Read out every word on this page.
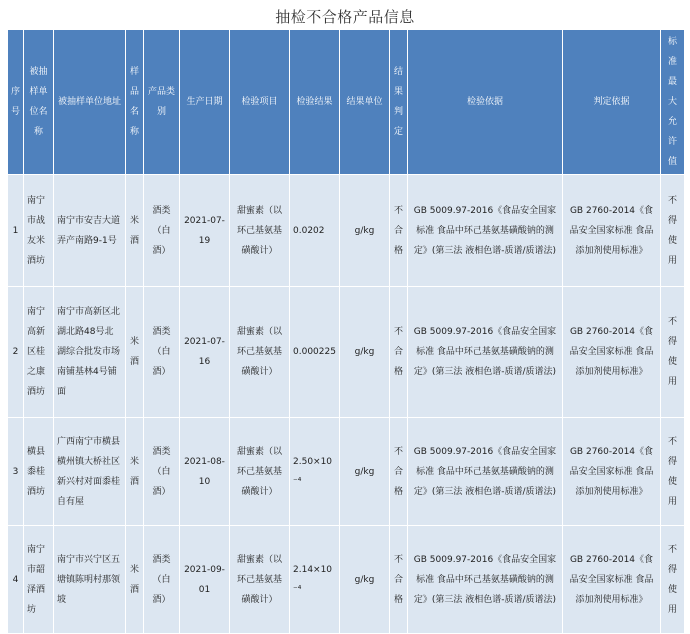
抽检不合格产品信息
序号	被抽样单位名称	被抽样单位地址	样品名称	产品类别	生产日期	检验项目	检验结果	结果单位	结果判定	检验依据	判定依据	标准最大允许值
1	南宁市战友米酒坊	南宁市安吉大道弄产南路9-1号	米酒	酒类（白酒）	2021-07-19	甜蜜素（以环己基氨基磺酸计）	0.0202	g/kg	不合格	GB 5009.97-2016《食品安全国家标准 食品中环己基氨基磺酸钠的测定》(第三法 液相色谱-质谱/质谱法)	GB 2760-2014《食品安全国家标准 食品添加剂使用标准》	不得使用
2	南宁高新区桂之康酒坊	南宁市高新区北湖北路48号北湖综合批发市场南铺基林4号铺面	米酒	酒类（白酒）	2021-07-16	甜蜜素（以环己基氨基磺酸计）	0.000225	g/kg	不合格	GB 5009.97-2016《食品安全国家标准 食品中环己基氨基磺酸钠的测定》(第三法 液相色谱-质谱/质谱法)	GB 2760-2014《食品安全国家标准 食品添加剂使用标准》	不得使用
3	横县黍桂酒坊	广西南宁市横县横州镇大桥社区新兴村对面黍桂自有屋	米酒	酒类（白酒）	2021-08-10	甜蜜素（以环己基氨基磺酸计）	2.50×10⁻⁴	g/kg	不合格	GB 5009.97-2016《食品安全国家标准 食品中环己基氨基磺酸钠的测定》(第三法 液相色谱-质谱/质谱法)	GB 2760-2014《食品安全国家标准 食品添加剂使用标准》	不得使用
4	南宁市韶泽酒坊	南宁市兴宁区五塘镇陈明村那领坡	米酒	酒类（白酒）	2021-09-01	甜蜜素（以环己基氨基磺酸计）	2.14×10⁻⁴	g/kg	不合格	GB 5009.97-2016《食品安全国家标准 食品中环己基氨基磺酸钠的测定》(第三法 液相色谱-质谱/质谱法)	GB 2760-2014《食品安全国家标准 食品添加剂使用标准》	不得使用
